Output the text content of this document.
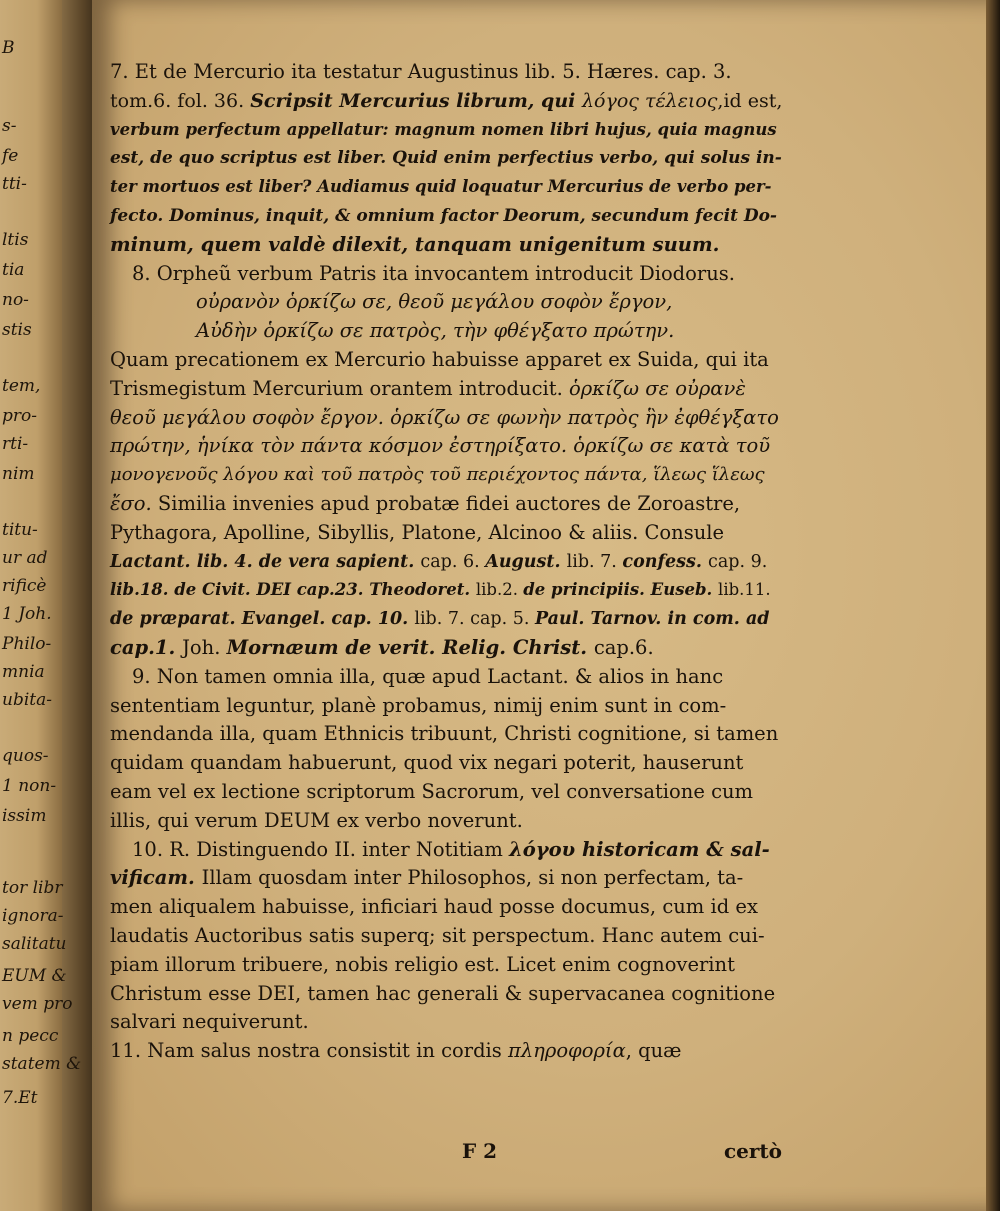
B
s-
fe
tti-
ltis
tia
no-
stis
tem,
pro-
rti-
nim
titu-
ur ad
rificè
1 Joh.
Philo-
mnia
ubita-
quos-
1 non-
issim
tor libr
ignora-
salitatu
EUM &
vem pro
n pecc
statem &
7.Et
7. Et de Mercurio ita testatur Augustinus lib. 5. Hæres. cap. 3.
tom.6. fol. 36. Scripsit Mercurius librum, qui λόγος τέλειος,id est,
verbum perfectum appellatur: magnum nomen libri hujus, quia magnus
est, de quo scriptus est liber. Quid enim perfectius verbo, qui solus in-
ter mortuos est liber? Audiamus quid loquatur Mercurius de verbo per-
fecto. Dominus, inquit, & omnium factor Deorum, secundum fecit Do-
minum, quem valdè dilexit, tanquam unigenitum suum.
8. Orpheũ verbum Patris ita invocantem introducit Diodorus.
οὐρανὸν ὁρκίζω σε, θεοῦ μεγάλου σοφὸν ἔργον,
Αὐδὴν ὁρκίζω σε πατρὸς, τὴν φθέγξατο πρώτην.
Quam precationem ex Mercurio habuisse apparet ex Suida, qui ita
Trismegistum Mercurium orantem introducit. ὁρκίζω σε οὐρανὲ
θεοῦ μεγάλου σοφὸν ἔργον. ὁρκίζω σε φωνὴν πατρὸς ἣν ἐφθέγξατο
πρώτην, ἡνίκα τὸν πάντα κόσμον ἐστηρίξατο. ὁρκίζω σε κατὰ τοῦ
μονογενοῦς λόγου καὶ τοῦ πατρὸς τοῦ περιέχοντος πάντα, ἵλεως ἵλεως
ἔσο. Similia invenies apud probatæ fidei auctores de Zoroastre,
Pythagora, Apolline, Sibyllis, Platone, Alcinoo & aliis. Consule
Lactant. lib. 4. de vera sapient. cap. 6. August. lib. 7. confess. cap. 9.
lib.18. de Civit. DEI cap.23. Theodoret. lib.2. de principiis. Euseb. lib.11.
de præparat. Evangel. cap. 10. lib. 7. cap. 5. Paul. Tarnov. in com. ad
cap.1. Joh. Mornæum de verit. Relig. Christ. cap.6.
9. Non tamen omnia illa, quæ apud Lactant. & alios in hanc
sententiam leguntur, planè probamus, nimij enim sunt in com-
mendanda illa, quam Ethnicis tribuunt, Christi cognitione, si tamen
quidam quandam habuerunt, quod vix negari poterit, hauserunt
eam vel ex lectione scriptorum Sacrorum, vel conversatione cum
illis, qui verum DEUM ex verbo noverunt.
10. R. Distinguendo II. inter Notitiam λόγου historicam & sal-
vificam. Illam quosdam inter Philosophos, si non perfectam, ta-
men aliqualem habuisse, inficiari haud posse documus, cum id ex
laudatis Auctoribus satis superq; sit perspectum. Hanc autem cui-
piam illorum tribuere, nobis religio est. Licet enim cognoverint
Christum esse DEI, tamen hac generali & supervacanea cognitione
salvari nequiverunt.
11. Nam salus nostra consistit in cordis πληροφορία, quæ
F 2	certò
